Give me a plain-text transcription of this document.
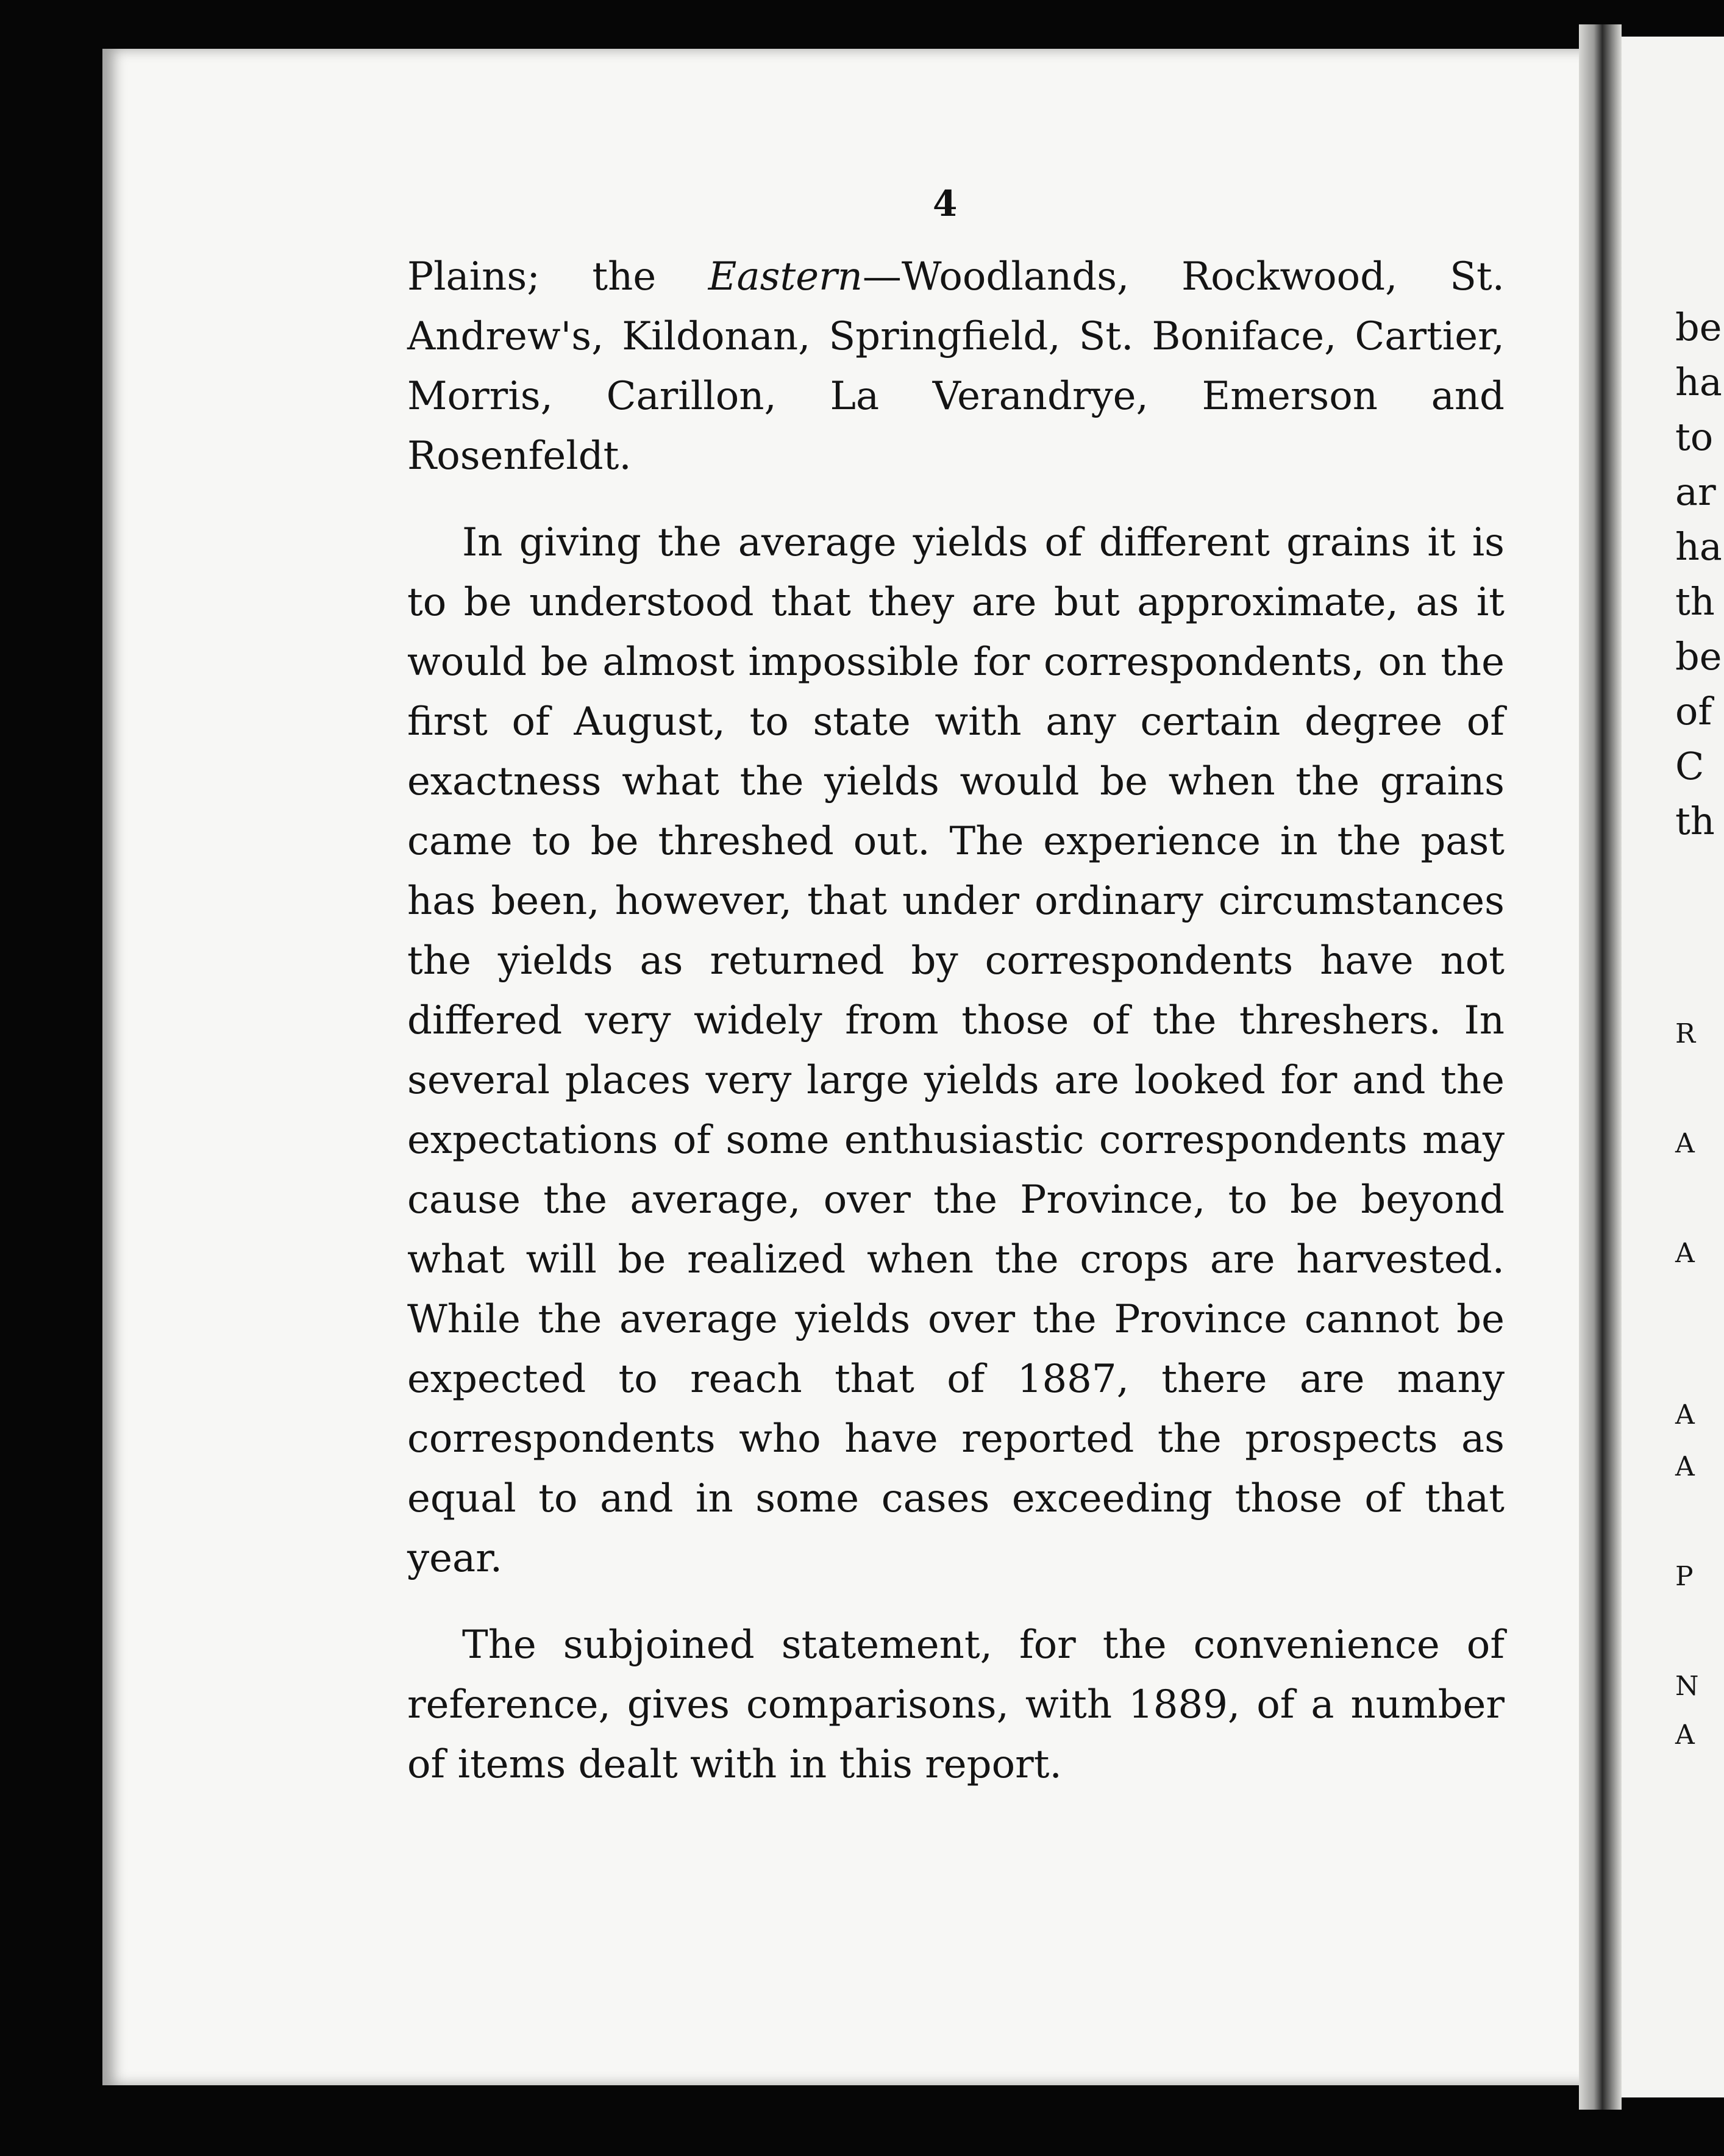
4

Plains; the Eastern—Woodlands, Rockwood, St. Andrew's, Kildonan, Springfield, St. Boniface, Cartier, Morris, Carillon, La Verandrye, Emerson and Rosenfeldt.

In giving the average yields of different grains it is to be understood that they are but approximate, as it would be almost impossible for correspondents, on the first of August, to state with any certain degree of exactness what the yields would be when the grains came to be threshed out. The experience in the past has been, however, that under ordinary circumstances the yields as returned by correspondents have not differed very widely from those of the threshers. In several places very large yields are looked for and the expectations of some enthusiastic correspondents may cause the average, over the Province, to be beyond what will be realized when the crops are harvested. While the average yields over the Province cannot be expected to reach that of 1887, there are many correspondents who have reported the prospects as equal to and in some cases exceeding those of that year.

The subjoined statement, for the convenience of reference, gives comparisons, with 1889, of a number of items dealt with in this report.

be
ha
to
ar
ha
th
be
of
C
th
R
A
A
A
A
P
N
A
